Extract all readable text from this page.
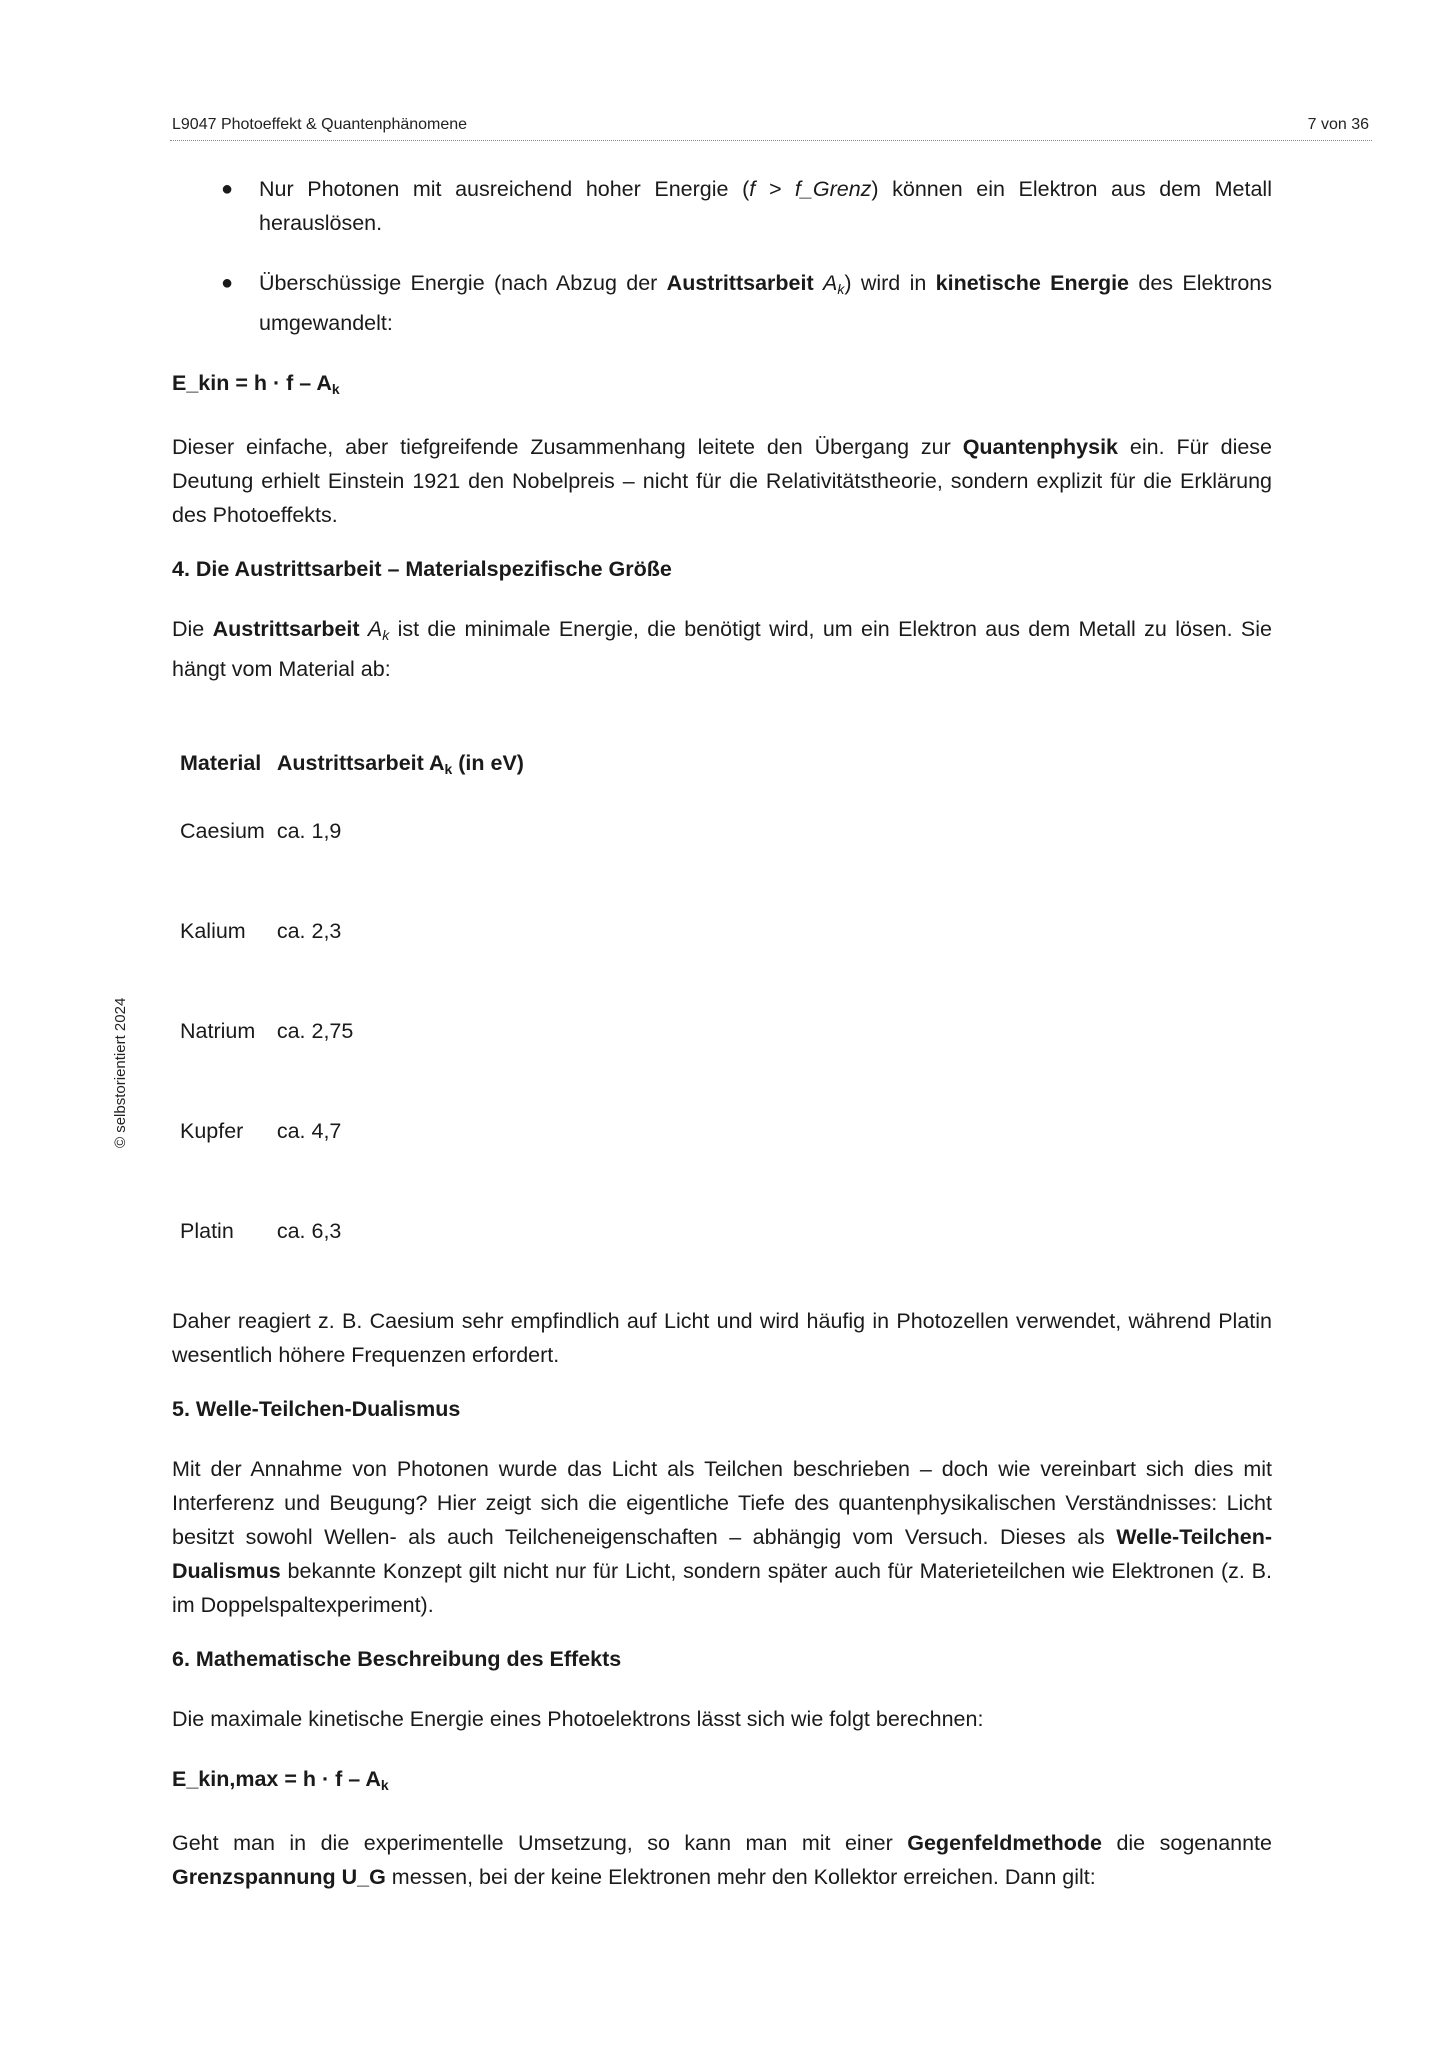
L9047 Photoeffekt & Quantenphänomene	7 von 36
© selbstorientiert 2024
● Nur Photonen mit ausreichend hoher Energie (f > f_Grenz) können ein Elektron aus dem Metall herauslösen.
● Überschüssige Energie (nach Abzug der Austrittsarbeit $A_k$) wird in kinetische Energie des Elektrons umgewandelt:
E_kin = $h \cdot f - A_k$

Dieser einfache, aber tiefgreifende Zusammenhang leitete den Übergang zur Quantenphysik ein. Für diese Deutung erhielt Einstein 1921 den Nobelpreis – nicht für die Relativitätstheorie, sondern explizit für die Erklärung des Photoeffekts.

4. Die Austrittsarbeit – Materialspezifische Größe

Die Austrittsarbeit $A_k$ ist die minimale Energie, die benötigt wird, um ein Elektron aus dem Metall zu lösen. Sie hängt vom Material ab:

Material	Austrittsarbeit $A_k$ (in eV)
Caesium	ca. 1,9
Kalium	ca. 2,3
Natrium	ca. 2,75
Kupfer	ca. 4,7
Platin	ca. 6,3

Daher reagiert z. B. Caesium sehr empfindlich auf Licht und wird häufig in Photozellen verwendet, während Platin wesentlich höhere Frequenzen erfordert.

5. Welle-Teilchen-Dualismus

Mit der Annahme von Photonen wurde das Licht als Teilchen beschrieben – doch wie vereinbart sich dies mit Interferenz und Beugung? Hier zeigt sich die eigentliche Tiefe des quantenphysikalischen Verständnisses: Licht besitzt sowohl Wellen- als auch Teilcheneigenschaften – abhängig vom Versuch. Dieses als Welle-Teilchen-Dualismus bekannte Konzept gilt nicht nur für Licht, sondern später auch für Materieteilchen wie Elektronen (z. B. im Doppelspaltexperiment).

6. Mathematische Beschreibung des Effekts

Die maximale kinetische Energie eines Photoelektrons lässt sich wie folgt berechnen:

E_kin,max = $h \cdot f - A_k$

Geht man in die experimentelle Umsetzung, so kann man mit einer Gegenfeldmethode die sogenannte Grenzspannung U_G messen, bei der keine Elektronen mehr den Kollektor erreichen. Dann gilt:
